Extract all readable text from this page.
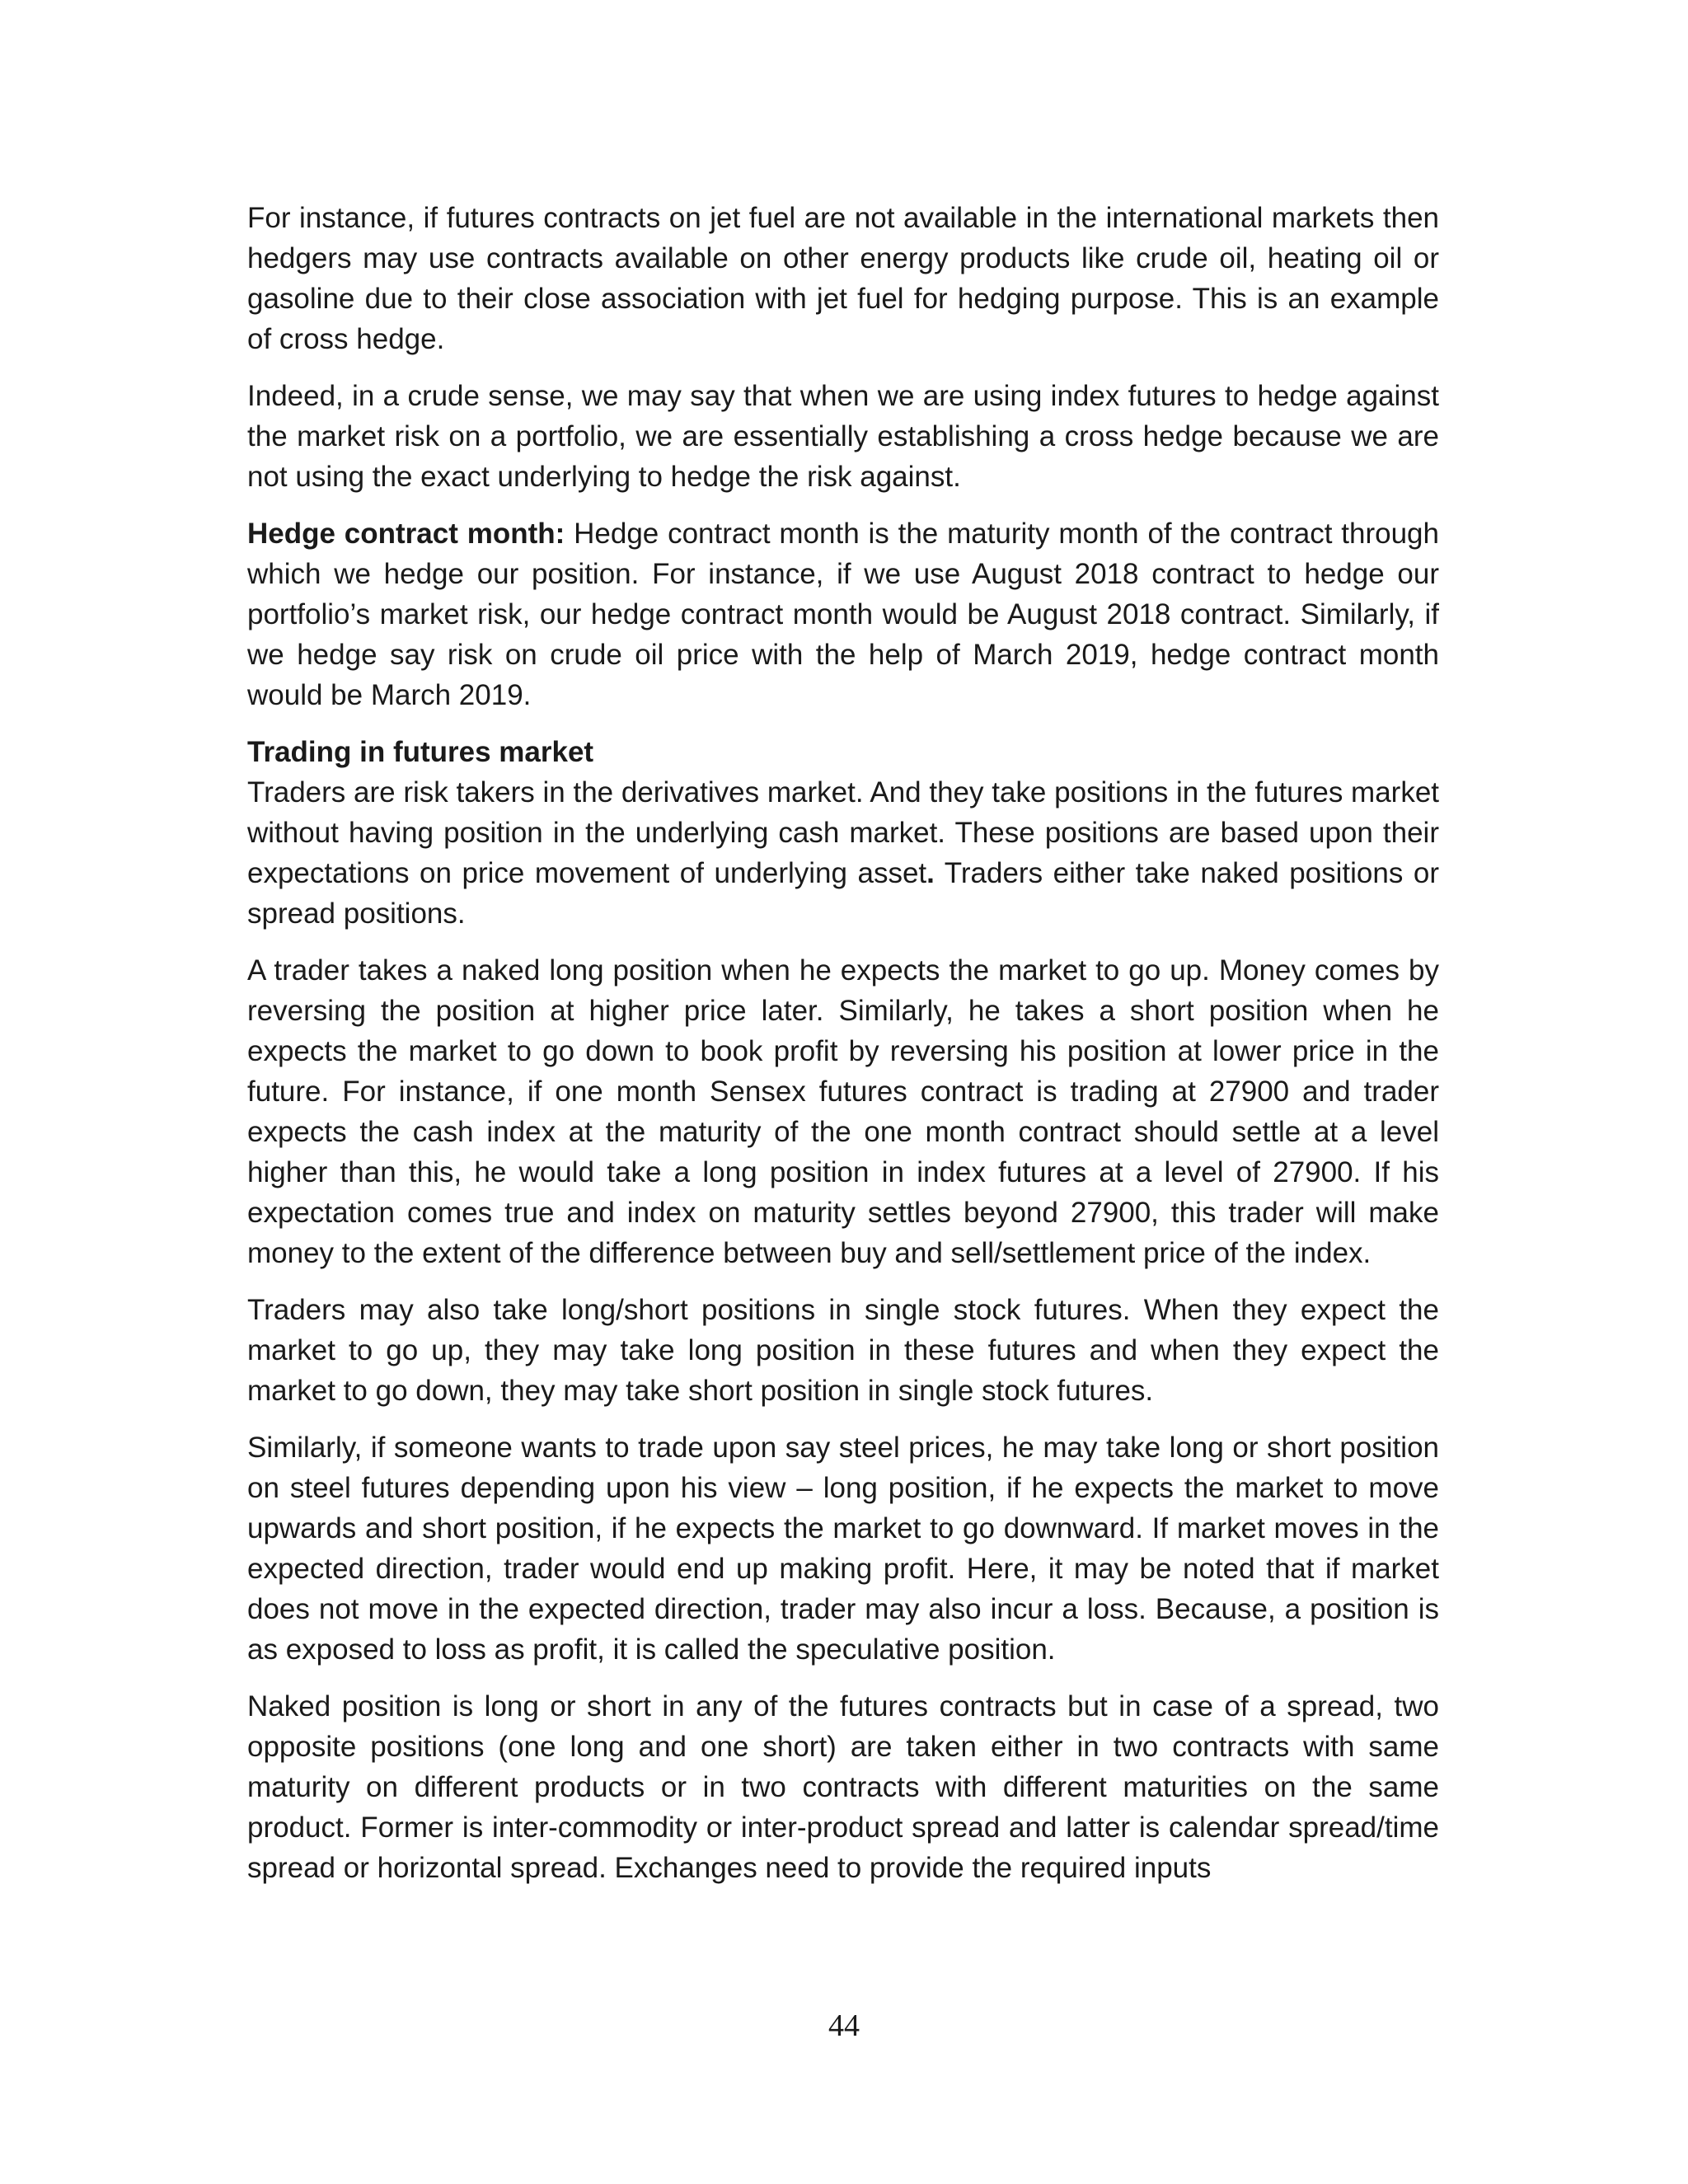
For instance, if futures contracts on jet fuel are not available in the international markets then hedgers may use contracts available on other energy products like crude oil, heating oil or gasoline due to their close association with jet fuel for hedging purpose. This is an example of cross hedge.

Indeed, in a crude sense, we may say that when we are using index futures to hedge against the market risk on a portfolio, we are essentially establishing a cross hedge because we are not using the exact underlying to hedge the risk against.

Hedge contract month: Hedge contract month is the maturity month of the contract through which we hedge our position. For instance, if we use August 2018 contract to hedge our portfolio’s market risk, our hedge contract month would be August 2018 contract. Similarly, if we hedge say risk on crude oil price with the help of March 2019, hedge contract month would be March 2019.

Trading in futures market

Traders are risk takers in the derivatives market. And they take positions in the futures market without having position in the underlying cash market. These positions are based upon their expectations on price movement of underlying asset. Traders either take naked positions or spread positions.

A trader takes a naked long position when he expects the market to go up. Money comes by reversing the position at higher price later. Similarly, he takes a short position when he expects the market to go down to book profit by reversing his position at lower price in the future. For instance, if one month Sensex futures contract is trading at 27900 and trader expects the cash index at the maturity of the one month contract should settle at a level higher than this, he would take a long position in index futures at a level of 27900. If his expectation comes true and index on maturity settles beyond 27900, this trader will make money to the extent of the difference between buy and sell/settlement price of the index.

Traders may also take long/short positions in single stock futures. When they expect the market to go up, they may take long position in these futures and when they expect the market to go down, they may take short position in single stock futures.

Similarly, if someone wants to trade upon say steel prices, he may take long or short position on steel futures depending upon his view – long position, if he expects the market to move upwards and short position, if he expects the market to go downward. If market moves in the expected direction, trader would end up making profit. Here, it may be noted that if market does not move in the expected direction, trader may also incur a loss. Because, a position is as exposed to loss as profit, it is called the speculative position.

Naked position is long or short in any of the futures contracts but in case of a spread, two opposite positions (one long and one short) are taken either in two contracts with same maturity on different products or in two contracts with different maturities on the same product. Former is inter-commodity or inter-product spread and latter is calendar spread/time spread or horizontal spread. Exchanges need to provide the required inputs

44
